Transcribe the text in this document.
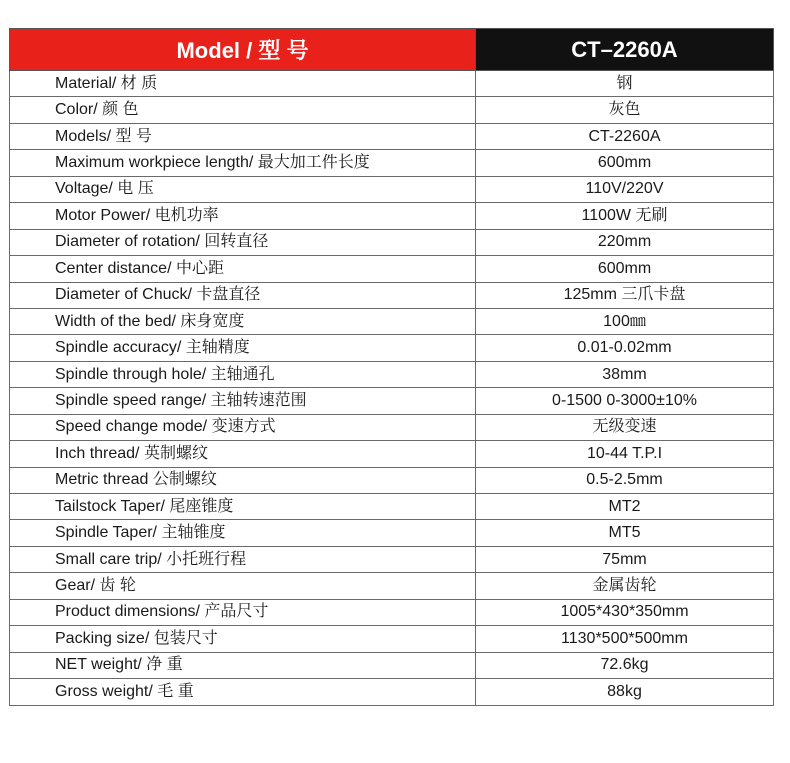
Model / 型 号	CT–2260A
Material/ 材 质	钢
Color/ 颜 色	灰色
Models/ 型 号	CT-2260A
Maximum workpiece length/ 最大加工件长度	600mm
Voltage/ 电 压	110V/220V
Motor Power/ 电机功率	1100W 无刷
Diameter of rotation/ 回转直径	220mm
Center distance/ 中心距	600mm
Diameter of Chuck/ 卡盘直径	125mm 三爪卡盘
Width of the bed/ 床身宽度	100㎜
Spindle accuracy/ 主轴精度	0.01-0.02mm
Spindle through hole/ 主轴通孔	38mm
Spindle speed range/ 主轴转速范围	0-1500 0-3000±10%
Speed change mode/ 变速方式	无级变速
Inch thread/ 英制螺纹	10-44 T.P.I
Metric thread 公制螺纹	0.5-2.5mm
Tailstock Taper/ 尾座锥度	MT2
Spindle Taper/ 主轴锥度	MT5
Small care trip/ 小托班行程	75mm
Gear/ 齿 轮	金属齿轮
Product dimensions/ 产品尺寸	1005*430*350mm
Packing size/ 包装尺寸	1130*500*500mm
NET weight/ 净 重	72.6kg
Gross weight/ 毛 重	88kg
